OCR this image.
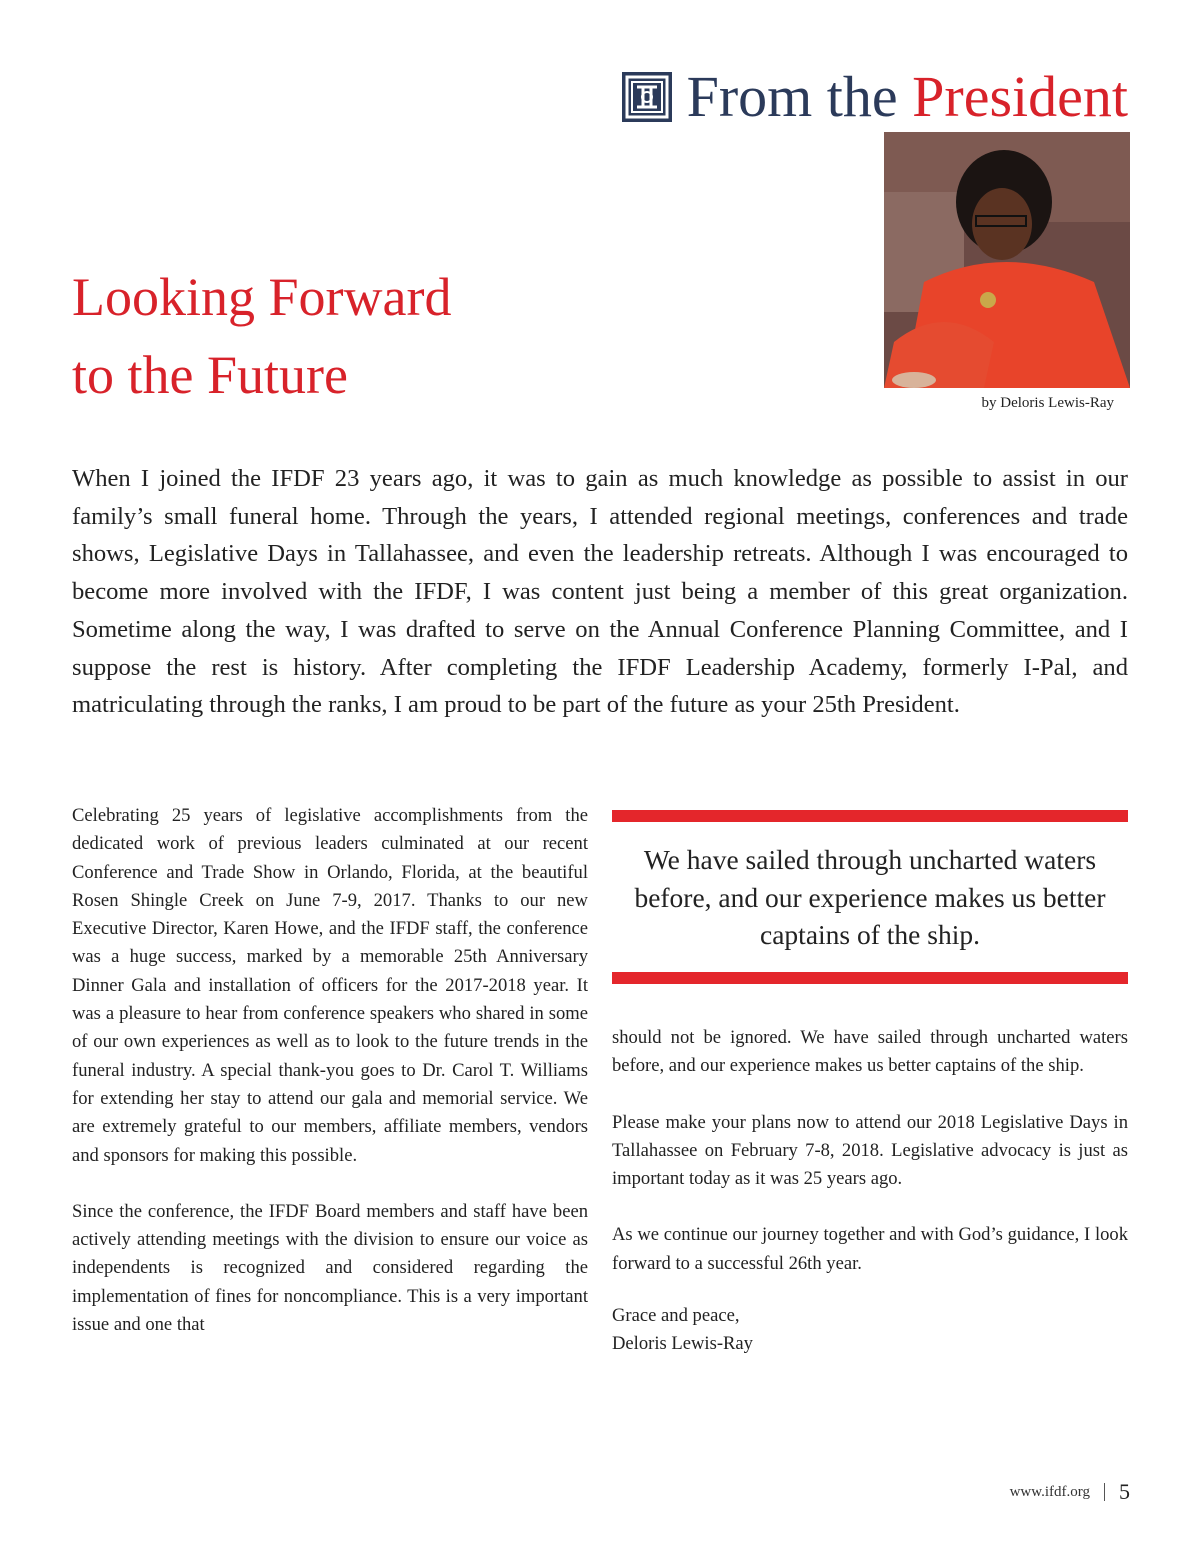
From the President
by Deloris Lewis-Ray
Looking Forward
to the Future

When I joined the IFDF 23 years ago, it was to gain as much knowledge as possible to assist in our family’s small funeral home. Through the years, I attended regional meetings, conferences and trade shows, Legislative Days in Tallahassee, and even the leadership retreats. Although I was encouraged to become more involved with the IFDF, I was content just being a member of this great organization. Sometime along the way, I was drafted to serve on the Annual Conference Planning Committee, and I suppose the rest is history. After completing the IFDF Leadership Academy, formerly I-Pal, and matriculating through the ranks, I am proud to be part of the future as your 25th President.

Celebrating 25 years of legislative accomplishments from the dedicated work of previous leaders culminated at our recent Conference and Trade Show in Orlando, Florida, at the beautiful Rosen Shingle Creek on June 7-9, 2017. Thanks to our new Executive Director, Karen Howe, and the IFDF staff, the conference was a huge success, marked by a memorable 25th Anniversary Dinner Gala and installation of officers for the 2017-2018 year. It was a pleasure to hear from conference speakers who shared in some of our own experiences as well as to look to the future trends in the funeral industry. A special thank-you goes to Dr. Carol T. Williams for extending her stay to attend our gala and memorial service. We are extremely grateful to our members, affiliate members, vendors and sponsors for making this possible.

Since the conference, the IFDF Board members and staff have been actively attending meetings with the division to ensure our voice as independents is recognized and considered regarding the implementation of fines for noncompliance. This is a very important issue and one that

We have sailed through uncharted waters before, and our experience makes us better captains of the ship.

should not be ignored. We have sailed through uncharted waters before, and our experience makes us better captains of the ship.

Please make your plans now to attend our 2018 Legislative Days in Tallahassee on February 7-8, 2018. Legislative advocacy is just as important today as it was 25 years ago.

As we continue our journey together and with God’s guidance, I look forward to a successful 26th year.

Grace and peace,

Deloris Lewis-Ray

www.ifdf.org 5
